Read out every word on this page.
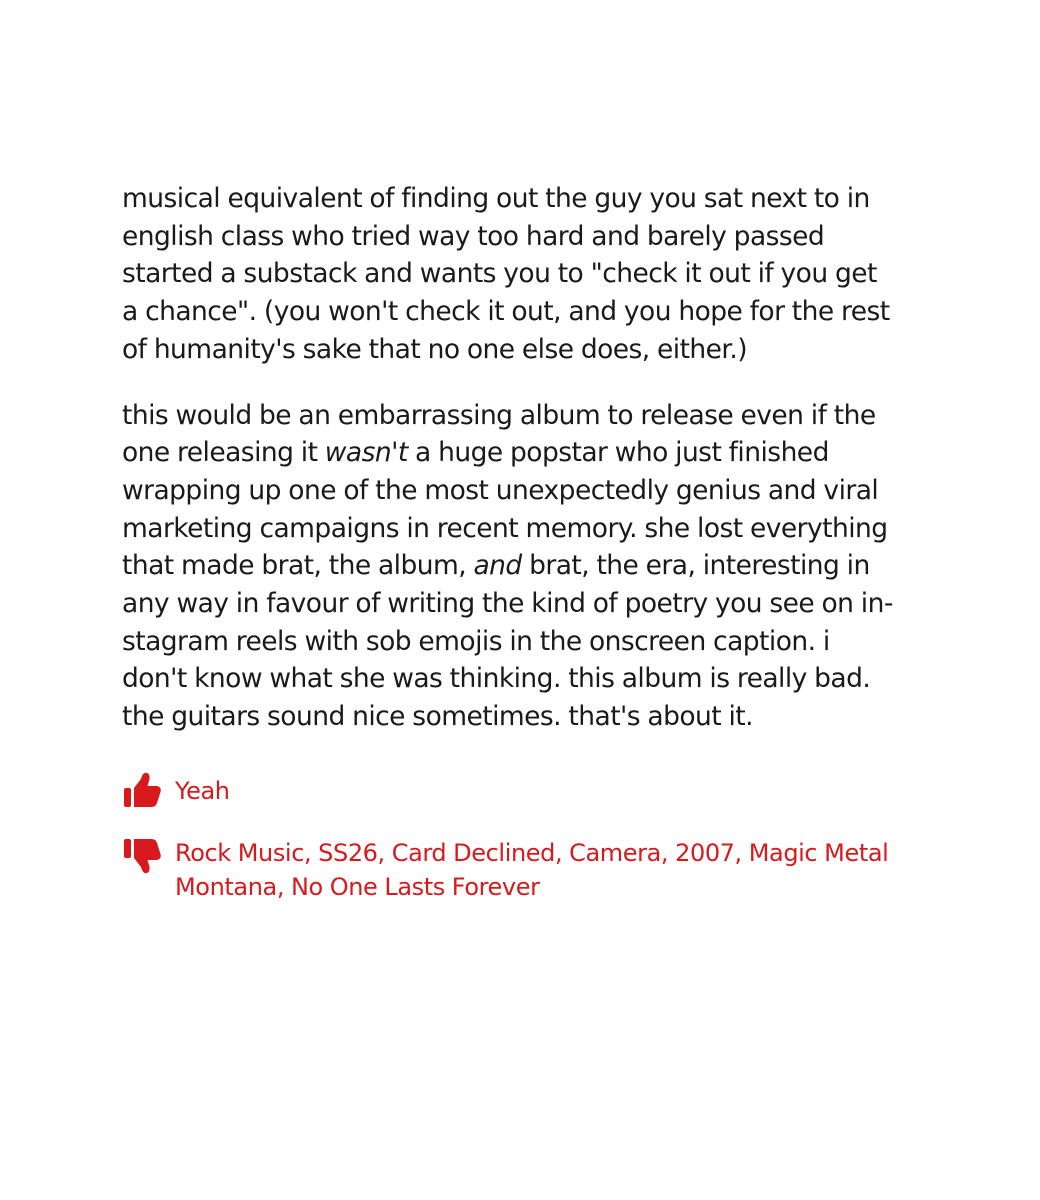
musical equivalent of finding out the guy you sat next to in
english class who tried way too hard and barely passed
started a substack and wants you to "check it out if you get
a chance". (you won't check it out, and you hope for the rest
of humanity's sake that no one else does, either.)

this would be an embarrassing album to release even if the
one releasing it wasn't a huge popstar who just finished
wrapping up one of the most unexpectedly genius and viral
marketing campaigns in recent memory. she lost everything
that made brat, the album, and brat, the era, interesting in
any way in favour of writing the kind of poetry you see on in-
stagram reels with sob emojis in the onscreen caption. i
don't know what she was thinking. this album is really bad.
the guitars sound nice sometimes. that's about it.

Yeah
Rock Music, SS26, Card Declined, Camera, 2007, Magic Metal
Montana, No One Lasts Forever
